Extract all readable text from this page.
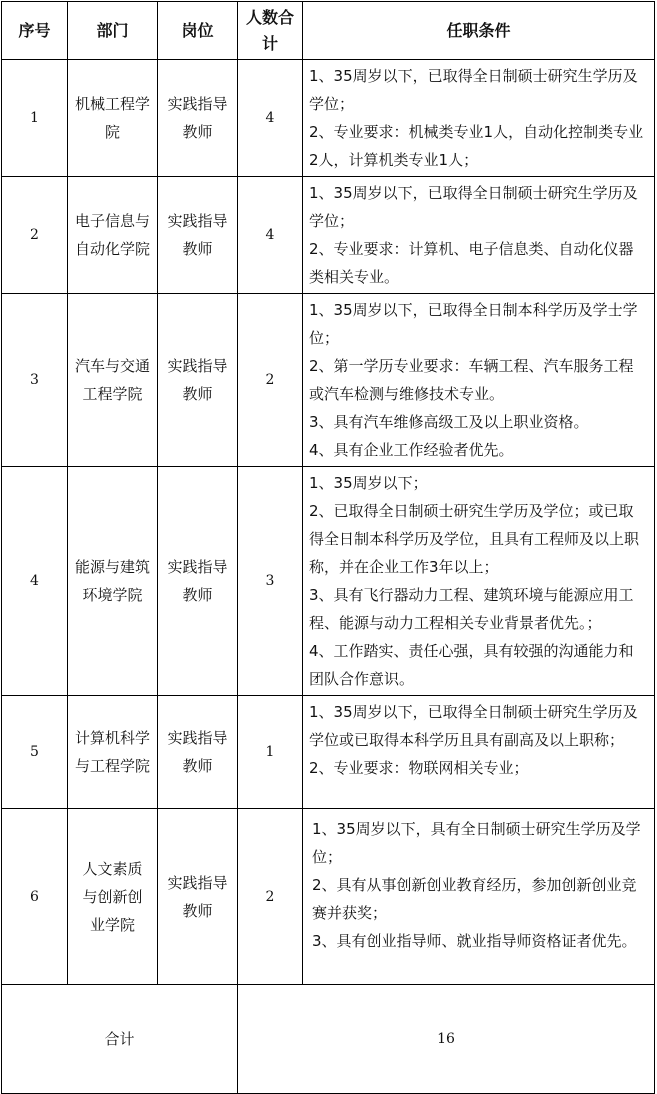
序号	部门	岗位	人数合计	任职条件
1	机械工程学院	实践指导教师	4	1、35周岁以下，已取得全日制硕士研究生学历及学位；
2、专业要求：机械类专业1人，自动化控制类专业2人，计算机类专业1人；

2	电子信息与自动化学院	实践指导教师	4	1、35周岁以下，已取得全日制硕士研究生学历及学位；
2、专业要求：计算机、电子信息类、自动化仪器类相关专业。

3	汽车与交通工程学院	实践指导教师	2	1、35周岁以下，已取得全日制本科学历及学士学位；
2、第一学历专业要求：车辆工程、汽车服务工程或汽车检测与维修技术专业。
3、具有汽车维修高级工及以上职业资格。
4、具有企业工作经验者优先。

4	能源与建筑环境学院	实践指导教师	3	1、35周岁以下；
2、已取得全日制硕士研究生学历及学位；或已取得全日制本科学历及学位，且具有工程师及以上职称，并在企业工作3年以上；
3、具有飞行器动力工程、建筑环境与能源应用工程、能源与动力工程相关专业背景者优先。；
4、工作踏实、责任心强，具有较强的沟通能力和团队合作意识。

5	计算机科学与工程学院	实践指导教师	1	1、35周岁以下，已取得全日制硕士研究生学历及学位或已取得本科学历且具有副高及以上职称；
2、专业要求：物联网相关专业；

6	人文素质与创新创业学院	实践指导教师	2	1、35周岁以下，具有全日制硕士研究生学历及学位；
2、具有从事创新创业教育经历，参加创新创业竞赛并获奖；
3、具有创业指导师、就业指导师资格证者优先。

合计			16	
